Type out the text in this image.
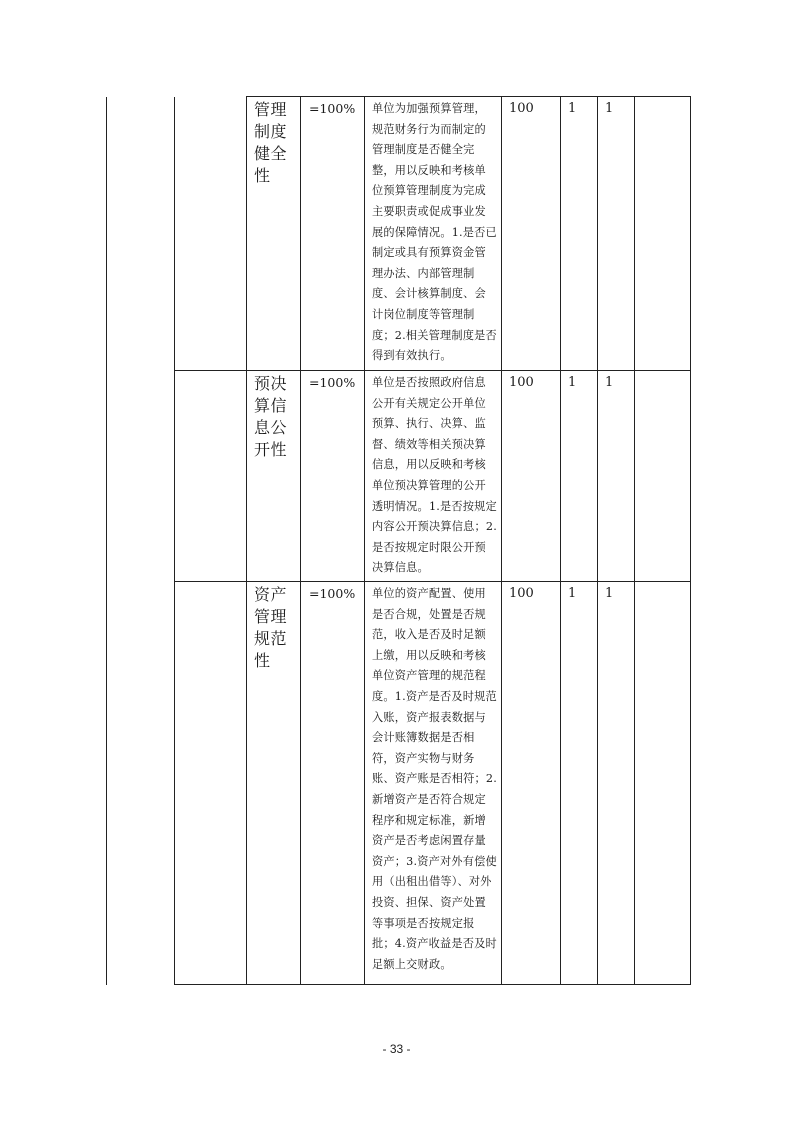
		管理
制度
健全
性	=100%	单位为加强预算管理，规范财务行为而制定的管理制度是否健全完整，用以反映和考核单位预算管理制度为完成主要职责或促成事业发展的保障情况。1.是否已制定或具有预算资金管理办法、内部管理制度、会计核算制度、会计岗位制度等管理制度；2.相关管理制度是否得到有效执行。	100	1	1	

		预决
算信
息公
开性	=100%	单位是否按照政府信息公开有关规定公开单位预算、执行、决算、监督、绩效等相关预决算信息，用以反映和考核单位预决算管理的公开透明情况。1.是否按规定内容公开预决算信息；2.是否按规定时限公开预决算信息。	100	1	1	

		资产
管理
规范
性	=100%	单位的资产配置、使用是否合规，处置是否规范，收入是否及时足额上缴，用以反映和考核单位资产管理的规范程度。1.资产是否及时规范入账，资产报表数据与会计账簿数据是否相符，资产实物与财务账、资产账是否相符；2.新增资产是否符合规定程序和规定标准，新增资产是否考虑闲置存量资产；3.资产对外有偿使用（出租出借等）、对外投资、担保、资产处置等事项是否按规定报批；4.资产收益是否及时足额上交财政。	100	1	1	

- 33 -
